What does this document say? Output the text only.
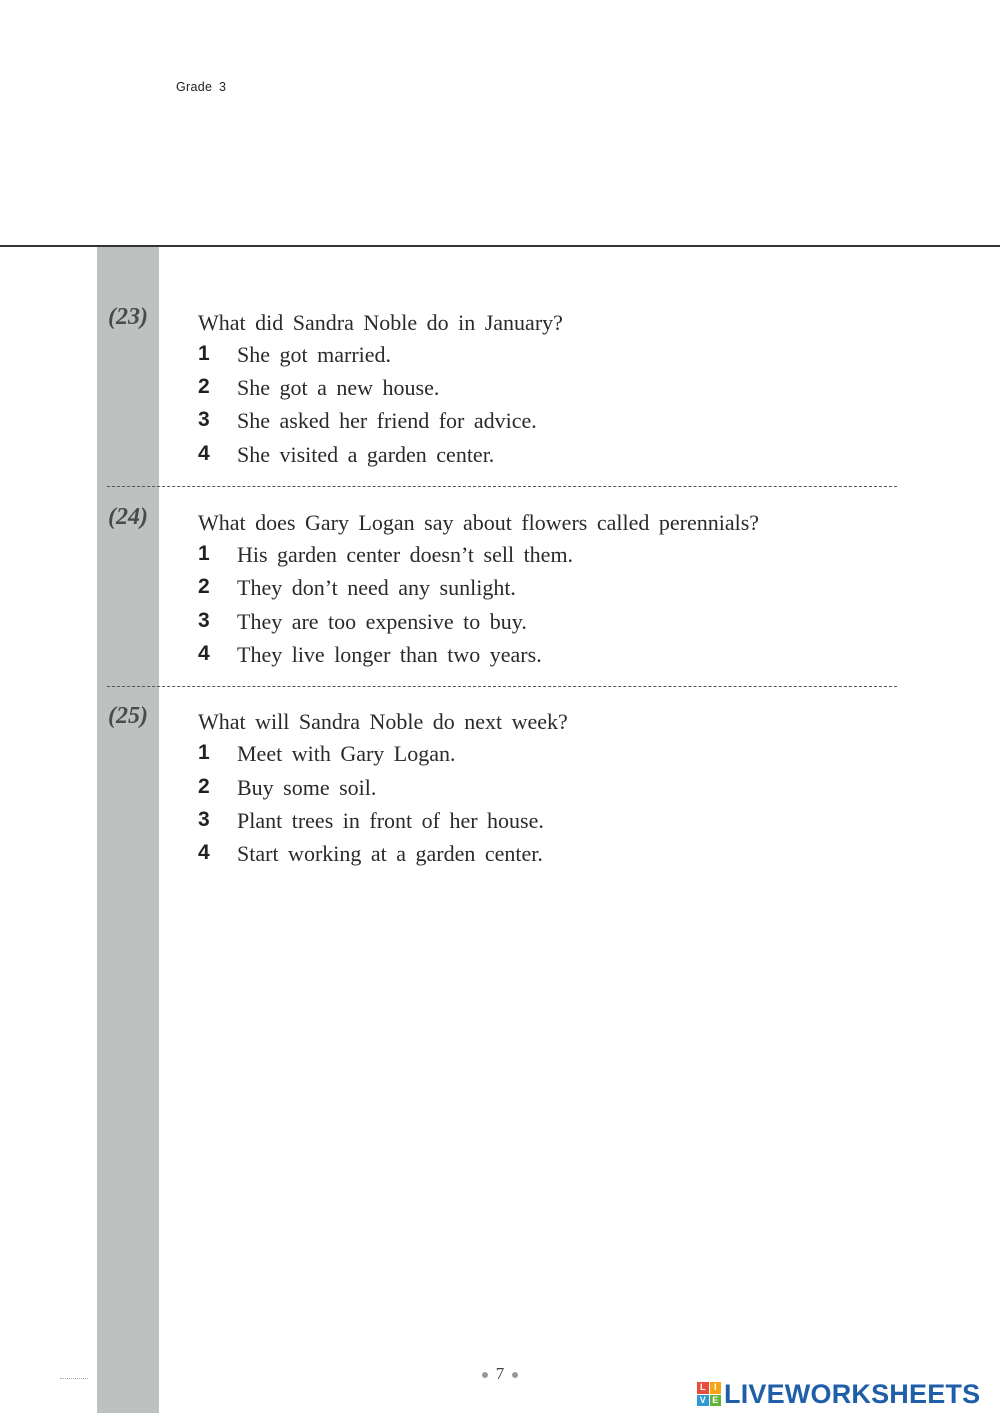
Grade 3
(23) What did Sandra Noble do in January?
1 She got married.
2 She got a new house.
3 She asked her friend for advice.
4 She visited a garden center.
(24) What does Gary Logan say about flowers called perennials?
1 His garden center doesn’t sell them.
2 They don’t need any sunlight.
3 They are too expensive to buy.
4 They live longer than two years.
(25) What will Sandra Noble do next week?
1 Meet with Gary Logan.
2 Buy some soil.
3 Plant trees in front of her house.
4 Start working at a garden center.
7
L I
V E LIVEWORKSHEETS
